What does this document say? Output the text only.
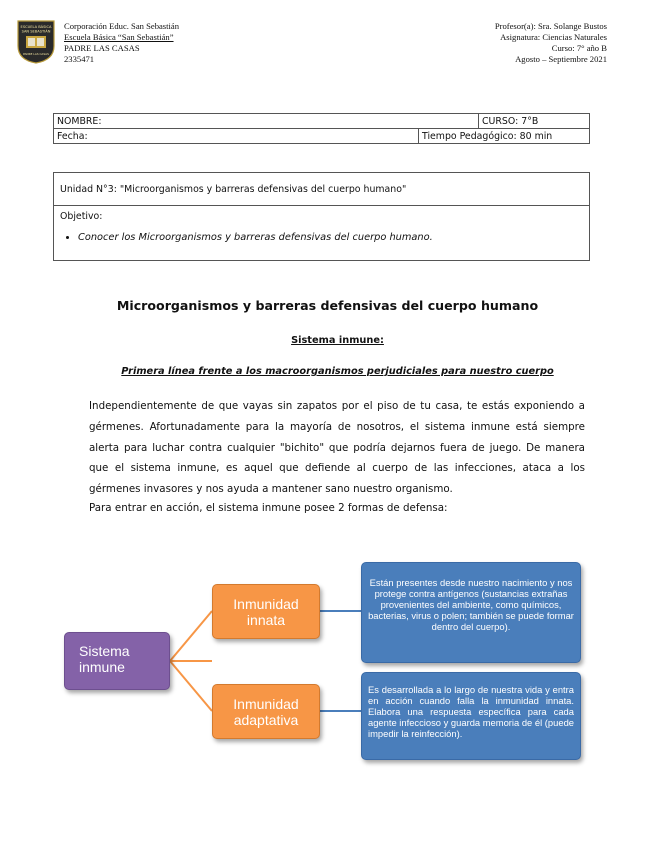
ESCUELA BÁSICA
SAN SEBASTIÁN
PADRE LAS CASAS
Corporación Educ. San Sebastián
Escuela Básica “San Sebastián”
PADRE LAS CASAS
2335471
Profesor(a): Sra. Solange Bustos
Asignatura: Ciencias Naturales
Curso: 7° año B
Agosto – Septiembre 2021
NOMBRE:		CURSO: 7°B
Fecha:	Tiempo Pedagógico: 80 min	
Unidad N°3: "Microorganismos y barreras defensivas del cuerpo humano"

Objetivo:
• Conocer los Microorganismos y barreras defensivas del cuerpo humano.
Microorganismos y barreras defensivas del cuerpo humano
Sistema inmune:
Primera línea frente a los macroorganismos perjudiciales para nuestro cuerpo
Independientemente de que vayas sin zapatos por el piso de tu casa, te estás exponiendo a gérmenes. Afortunadamente para la mayoría de nosotros, el sistema inmune está siempre alerta para luchar contra cualquier "bichito" que podría dejarnos fuera de juego. De manera que el sistema inmune, es aquel que defiende al cuerpo de las infecciones, ataca a los gérmenes invasores y nos ayuda a mantener sano nuestro organismo.
Para entrar en acción, el sistema inmune posee 2 formas de defensa:
Sistema inmune
Inmunidad innata
Inmunidad adaptativa
Están presentes desde nuestro nacimiento y nos protege contra antígenos (sustancias extrañas provenientes del ambiente, como químicos, bacterias, virus o polen; también se puede formar dentro del cuerpo).
Es desarrollada a lo largo de nuestra vida y entra en acción cuando falla la inmunidad innata. Elabora una respuesta específica para cada agente infeccioso y guarda memoria de él (puede impedir la reinfección).
